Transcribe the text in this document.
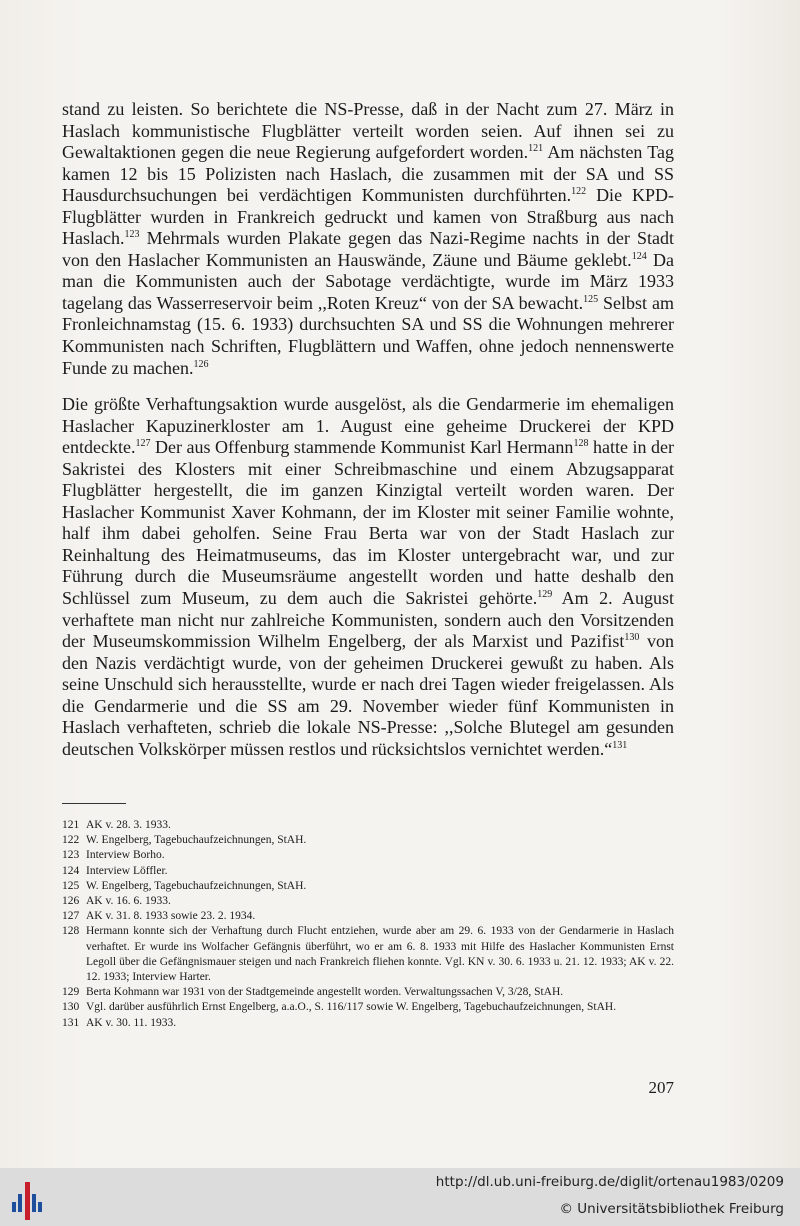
stand zu leisten. So berichtete die NS-Presse, daß in der Nacht zum 27. März in Haslach kommunistische Flugblätter verteilt worden seien. Auf ihnen sei zu Gewaltaktionen gegen die neue Regierung aufgefordert worden.$^{121}$ Am nächsten Tag kamen 12 bis 15 Polizisten nach Haslach, die zusammen mit der SA und SS Hausdurchsuchungen bei verdächtigen Kommunisten durchführten.$^{122}$ Die KPD-Flugblätter wurden in Frankreich gedruckt und kamen von Straßburg aus nach Haslach.$^{123}$ Mehrmals wurden Plakate gegen das Nazi-Regime nachts in der Stadt von den Haslacher Kommunisten an Hauswände, Zäune und Bäume geklebt.$^{124}$ Da man die Kommunisten auch der Sabotage verdächtigte, wurde im März 1933 tagelang das Wasserreservoir beim ,,Roten Kreuz“ von der SA bewacht.$^{125}$ Selbst am Fronleichnamstag (15. 6. 1933) durchsuchten SA und SS die Wohnungen mehrerer Kommunisten nach Schriften, Flugblättern und Waffen, ohne jedoch nennenswerte Funde zu machen.$^{126}$

Die größte Verhaftungsaktion wurde ausgelöst, als die Gendarmerie im ehemaligen Haslacher Kapuzinerkloster am 1. August eine geheime Druckerei der KPD entdeckte.$^{127}$ Der aus Offenburg stammende Kommunist Karl Hermann$^{128}$ hatte in der Sakristei des Klosters mit einer Schreibmaschine und einem Abzugsapparat Flugblätter hergestellt, die im ganzen Kinzigtal verteilt worden waren. Der Haslacher Kommunist Xaver Kohmann, der im Kloster mit seiner Familie wohnte, half ihm dabei geholfen. Seine Frau Berta war von der Stadt Haslach zur Reinhaltung des Heimatmuseums, das im Kloster untergebracht war, und zur Führung durch die Museumsräume angestellt worden und hatte deshalb den Schlüssel zum Museum, zu dem auch die Sakristei gehörte.$^{129}$ Am 2. August verhaftete man nicht nur zahlreiche Kommunisten, sondern auch den Vorsitzenden der Museumskommission Wilhelm Engelberg, der als Marxist und Pazifist$^{130}$ von den Nazis verdächtigt wurde, von der geheimen Druckerei gewußt zu haben. Als seine Unschuld sich herausstellte, wurde er nach drei Tagen wieder freigelassen. Als die Gendarmerie und die SS am 29. November wieder fünf Kommunisten in Haslach verhafteten, schrieb die lokale NS-Presse: ,,Solche Blutegel am gesunden deutschen Volkskörper müssen restlos und rücksichtslos vernichtet werden.“$^{131}$

121 AK v. 28. 3. 1933.
122 W. Engelberg, Tagebuchaufzeichnungen, StAH.
123 Interview Borho.
124 Interview Löffler.
125 W. Engelberg, Tagebuchaufzeichnungen, StAH.
126 AK v. 16. 6. 1933.
127 AK v. 31. 8. 1933 sowie 23. 2. 1934.
128 Hermann konnte sich der Verhaftung durch Flucht entziehen, wurde aber am 29. 6. 1933 von der Gendarmerie in Haslach verhaftet. Er wurde ins Wolfacher Gefängnis überführt, wo er am 6. 8. 1933 mit Hilfe des Haslacher Kommunisten Ernst Legoll über die Gefängnismauer steigen und nach Frankreich fliehen konnte. Vgl. KN v. 30. 6. 1933 u. 21. 12. 1933; AK v. 22. 12. 1933; Interview Harter.
129 Berta Kohmann war 1931 von der Stadtgemeinde angestellt worden. Verwaltungssachen V, 3/28, StAH.
130 Vgl. darüber ausführlich Ernst Engelberg, a.a.O., S. 116/117 sowie W. Engelberg, Tagebuchaufzeichnungen, StAH.
131 AK v. 30. 11. 1933.
207
http://dl.ub.uni-freiburg.de/diglit/ortenau1983/0209
© Universitätsbibliothek Freiburg
